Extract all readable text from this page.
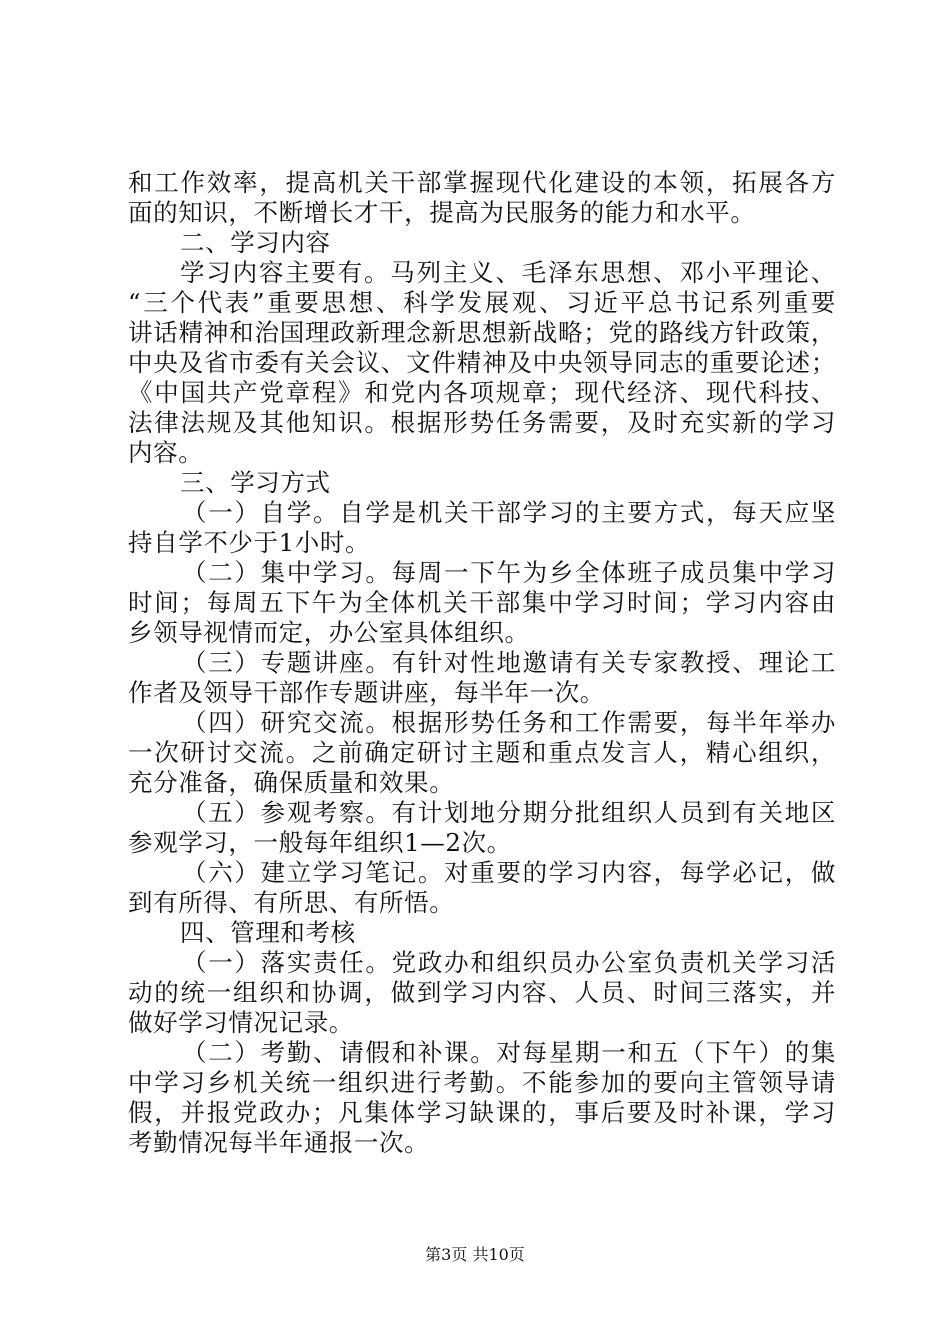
和工作效率，提高机关干部掌握现代化建设的本领，拓展各方
面的知识，不断增长才干，提高为民服务的能力和水平。
二、学习内容
学习内容主要有。马列主义、毛泽东思想、邓小平理论、
“三个代表”重要思想、科学发展观、习近平总书记系列重要
讲话精神和治国理政新理念新思想新战略；党的路线方针政策，
中央及省市委有关会议、文件精神及中央领导同志的重要论述；
《中国共产党章程》和党内各项规章；现代经济、现代科技、
法律法规及其他知识。根据形势任务需要，及时充实新的学习
内容。
三、学习方式
（一）自学。自学是机关干部学习的主要方式，每天应坚
持自学不少于1小时。
（二）集中学习。每周一下午为乡全体班子成员集中学习
时间；每周五下午为全体机关干部集中学习时间；学习内容由
乡领导视情而定，办公室具体组织。
（三）专题讲座。有针对性地邀请有关专家教授、理论工
作者及领导干部作专题讲座，每半年一次。
（四）研究交流。根据形势任务和工作需要，每半年举办
一次研讨交流。之前确定研讨主题和重点发言人，精心组织，
充分准备，确保质量和效果。
（五）参观考察。有计划地分期分批组织人员到有关地区
参观学习，一般每年组织1—2次。
（六）建立学习笔记。对重要的学习内容，每学必记，做
到有所得、有所思、有所悟。
四、管理和考核
（一）落实责任。党政办和组织员办公室负责机关学习活
动的统一组织和协调，做到学习内容、人员、时间三落实，并
做好学习情况记录。
（二）考勤、请假和补课。对每星期一和五（下午）的集
中学习乡机关统一组织进行考勤。不能参加的要向主管领导请
假，并报党政办；凡集体学习缺课的，事后要及时补课，学习
考勤情况每半年通报一次。
第3页 共10页
